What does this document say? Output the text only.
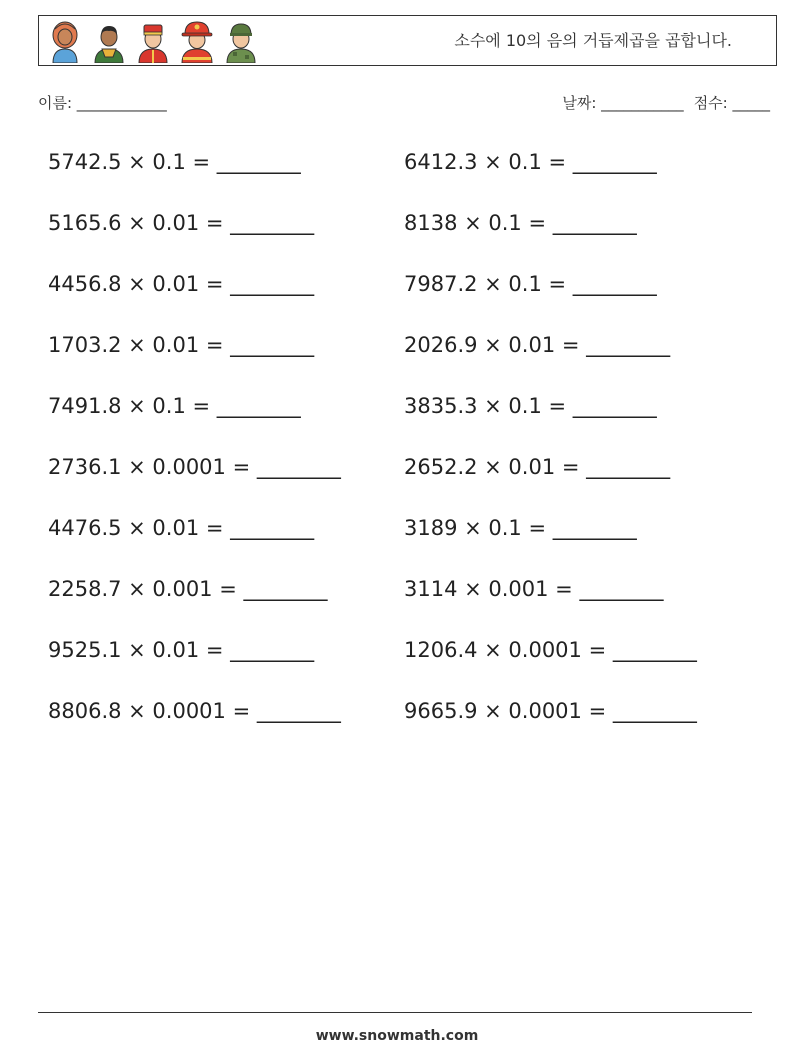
소수에 10의 음의 거듭제곱을 곱합니다.
이름: ____________	날짜: ___________ 점수: _____
5742.5 × 0.1 = ________
5165.6 × 0.01 = ________
4456.8 × 0.01 = ________
1703.2 × 0.01 = ________
7491.8 × 0.1 = ________
2736.1 × 0.0001 = ________
4476.5 × 0.01 = ________
2258.7 × 0.001 = ________
9525.1 × 0.01 = ________
8806.8 × 0.0001 = ________
6412.3 × 0.1 = ________
8138 × 0.1 = ________
7987.2 × 0.1 = ________
2026.9 × 0.01 = ________
3835.3 × 0.1 = ________
2652.2 × 0.01 = ________
3189 × 0.1 = ________
3114 × 0.001 = ________
1206.4 × 0.0001 = ________
9665.9 × 0.0001 = ________
www.snowmath.com
